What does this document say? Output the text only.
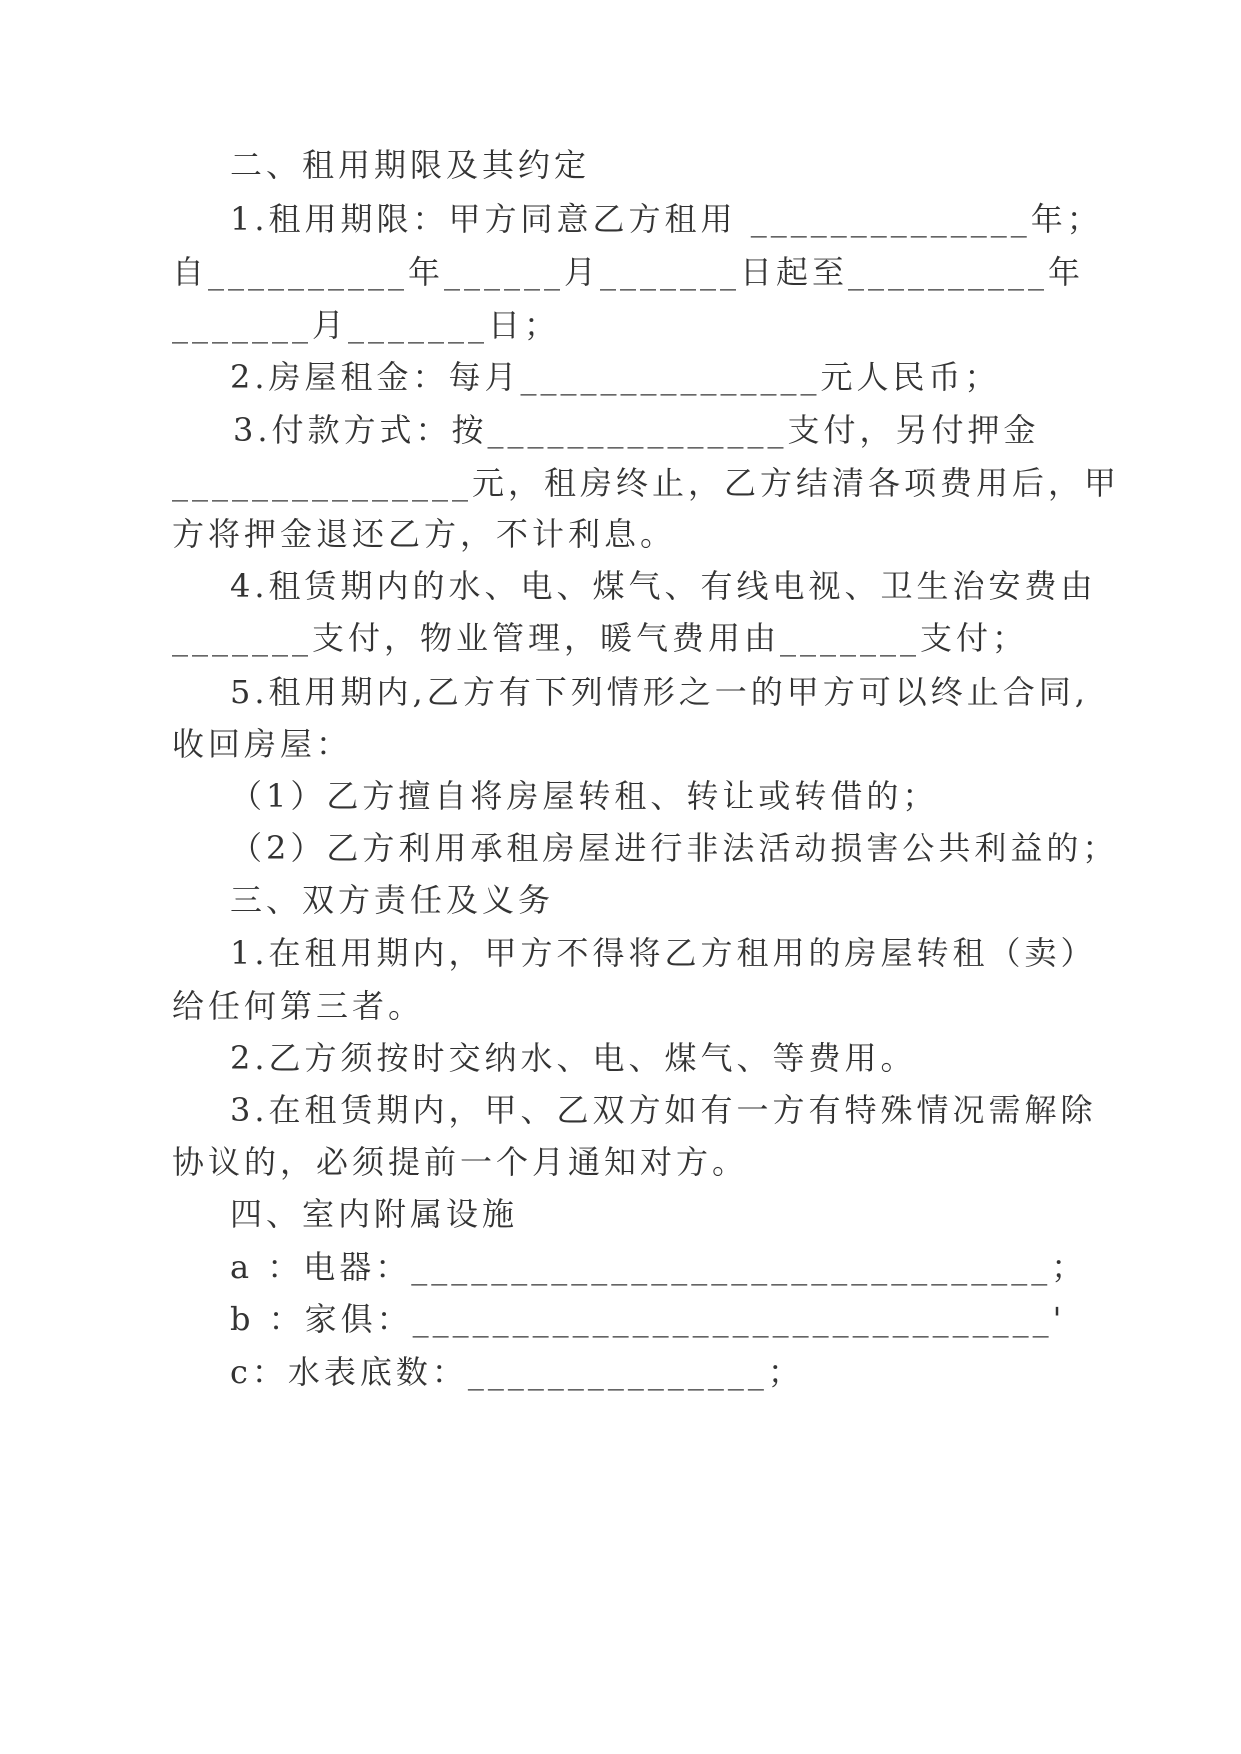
二、租用期限及其约定
1.租用期限：甲方同意乙方租用 ______________年；
自__________年______月_______日起至__________年
_______月_______日；
2.房屋租金：每月_______________元人民币；
3.付款方式：按_______________支付，另付押金
_______________元，租房终止，乙方结清各项费用后，甲
方将押金退还乙方，不计利息。
4.租赁期内的水、电、煤气、有线电视、卫生治安费由
_______支付，物业管理，暖气费用由_______支付；
5.租用期内,乙方有下列情形之一的甲方可以终止合同,
收回房屋：
（1）乙方擅自将房屋转租、转让或转借的；
（2）乙方利用承租房屋进行非法活动损害公共利益的；
三、双方责任及义务
1.在租用期内，甲方不得将乙方租用的房屋转租（卖）
给任何第三者。
2.乙方须按时交纳水、电、煤气、等费用。
3.在租赁期内，甲、乙双方如有一方有特殊情况需解除
协议的，必须提前一个月通知对方。
四、室内附属设施
a ：电器：________________________________；
b ：家俱：________________________________'
c：水表底数：_______________；
